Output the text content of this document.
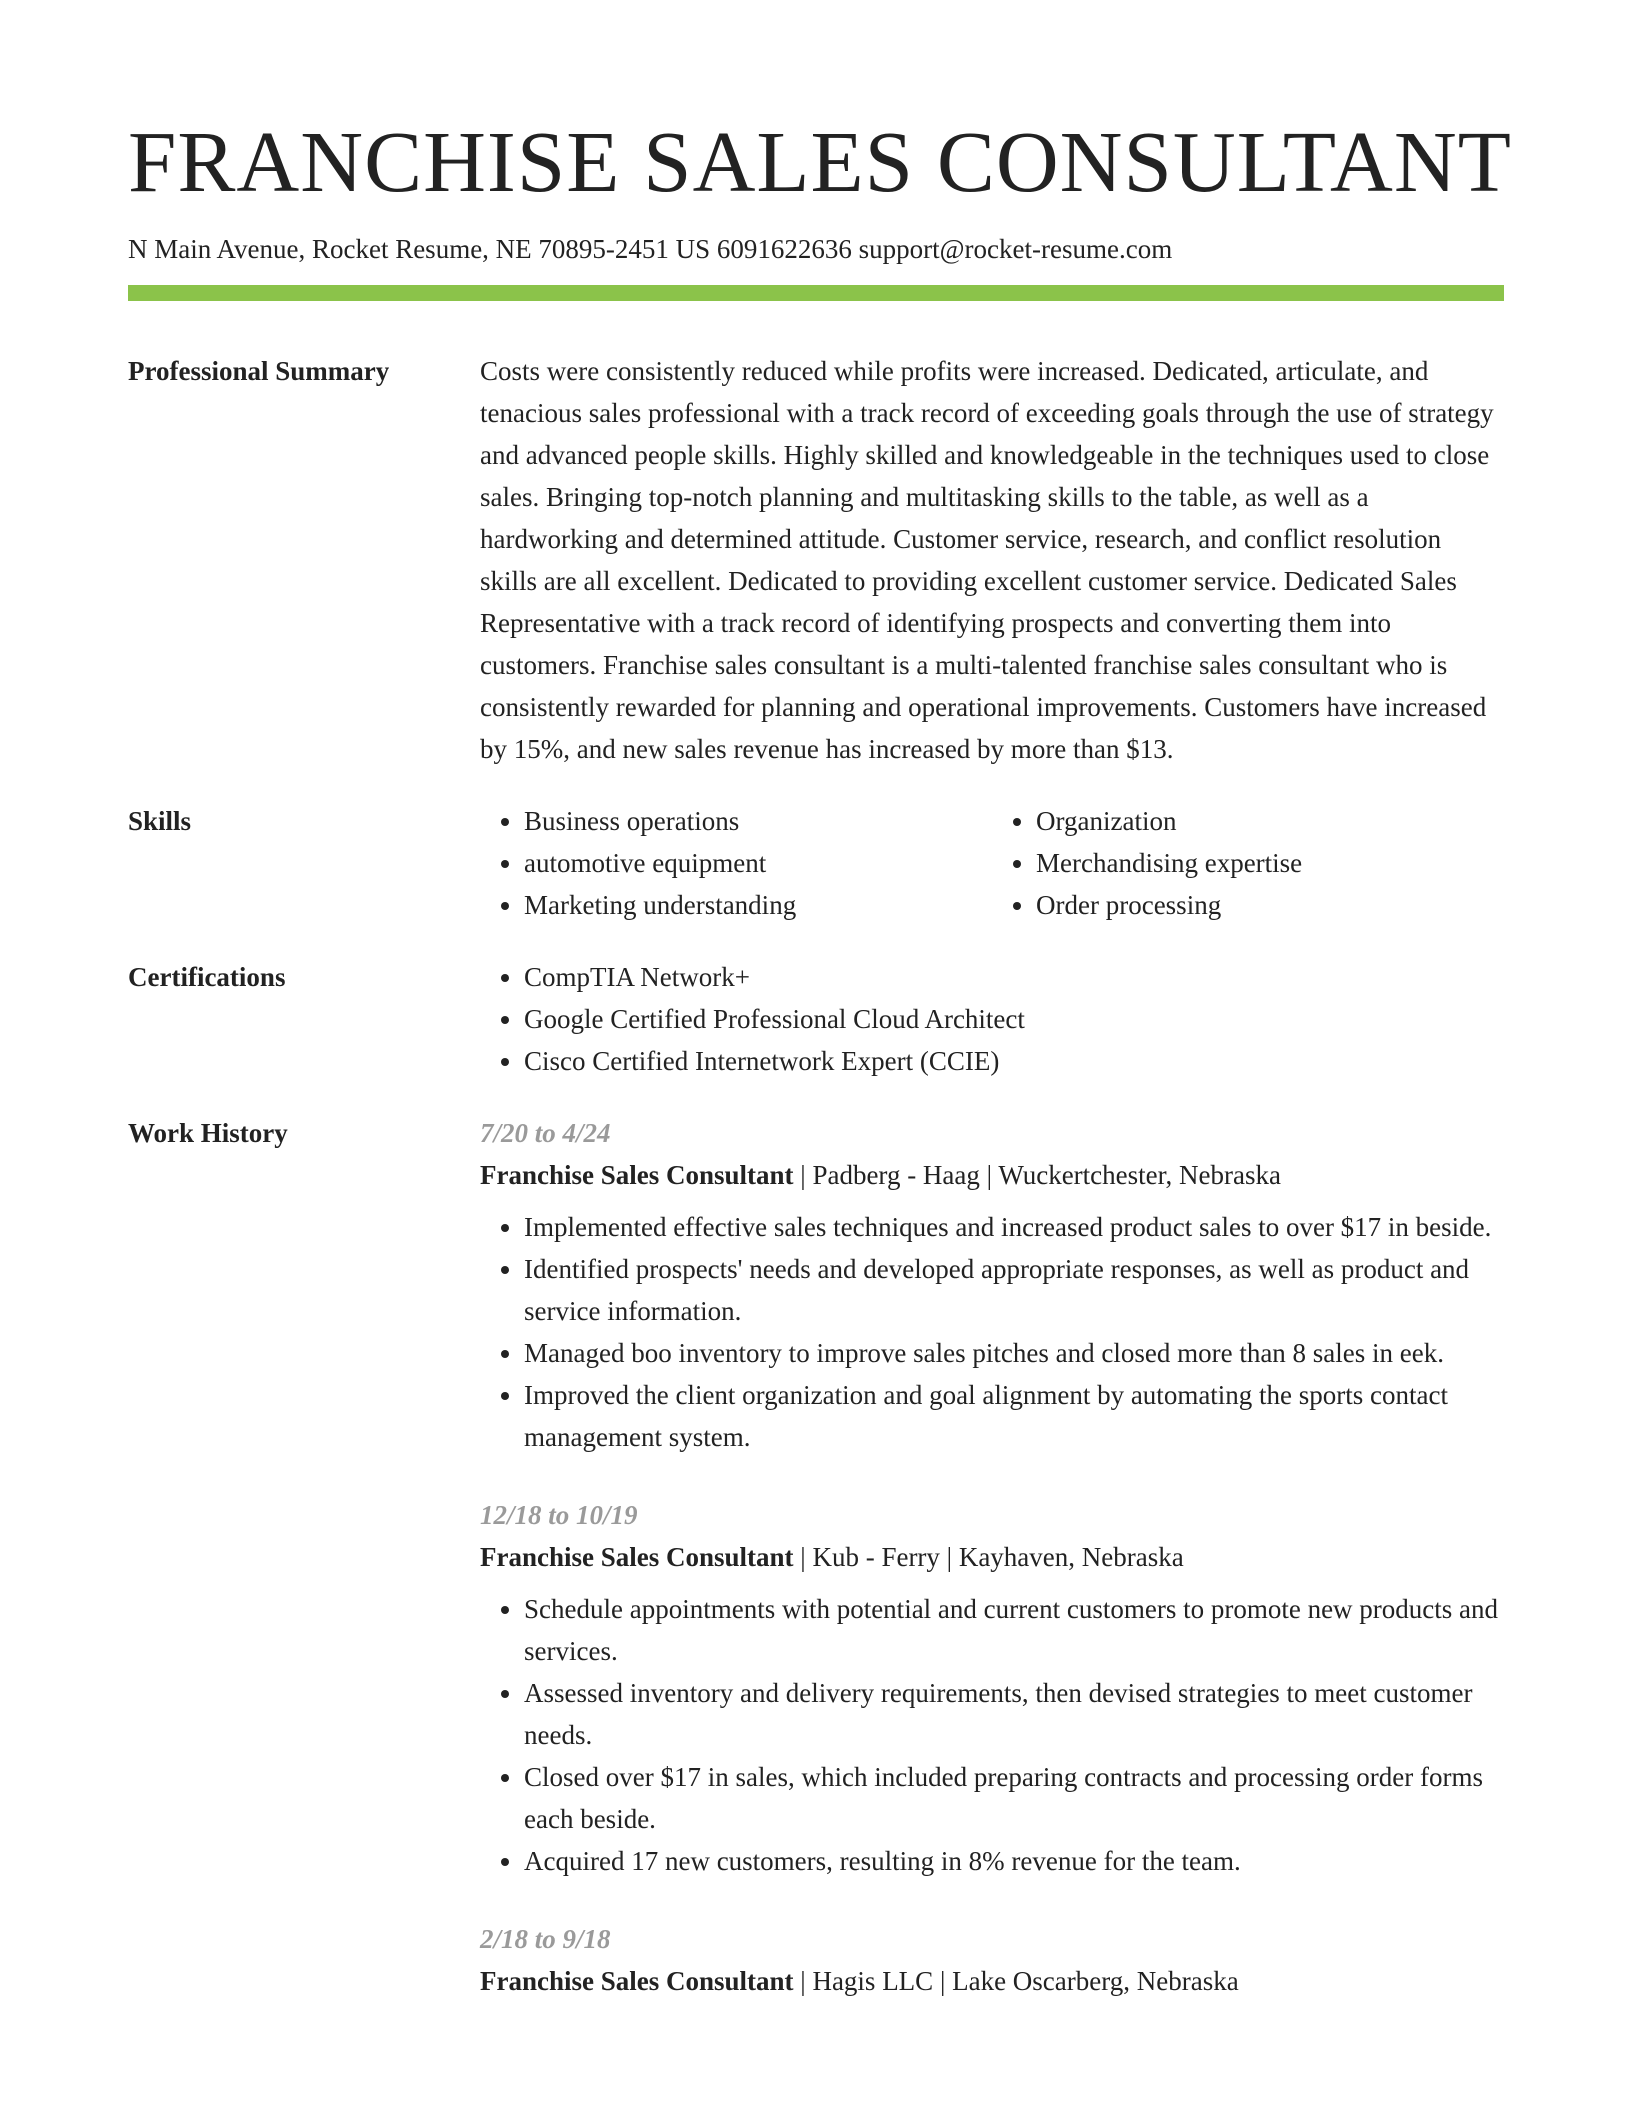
FRANCHISE SALES CONSULTANT
N Main Avenue, Rocket Resume, NE 70895-2451 US 6091622636 support@rocket-resume.com
Professional Summary	Costs were consistently reduced while profits were increased. Dedicated, articulate, and tenacious sales professional with a track record of exceeding goals through the use of strategy and advanced people skills. Highly skilled and knowledgeable in the techniques used to close sales. Bringing top-notch planning and multitasking skills to the table, as well as a hardworking and determined attitude. Customer service, research, and conflict resolution skills are all excellent. Dedicated to providing excellent customer service. Dedicated Sales Representative with a track record of identifying prospects and converting them into customers. Franchise sales consultant is a multi-talented franchise sales consultant who is consistently rewarded for planning and operational improvements. Customers have increased by 15%, and new sales revenue has increased by more than $13.

Skills	• Business operations
• automotive equipment
• Marketing understanding
• Organization
• Merchandising expertise
• Order processing
Certifications	• CompTIA Network+
• Google Certified Professional Cloud Architect
• Cisco Certified Internetwork Expert (CCIE)
Work History	7/20 to 4/24
Franchise Sales Consultant | Padberg - Haag | Wuckertchester, Nebraska
• Implemented effective sales techniques and increased product sales to over $17 in beside.
• Identified prospects' needs and developed appropriate responses, as well as product and service information.
• Managed boo inventory to improve sales pitches and closed more than 8 sales in eek.
• Improved the client organization and goal alignment by automating the sports contact management system.
12/18 to 10/19
Franchise Sales Consultant | Kub - Ferry | Kayhaven, Nebraska
• Schedule appointments with potential and current customers to promote new products and services.
• Assessed inventory and delivery requirements, then devised strategies to meet customer needs.
• Closed over $17 in sales, which included preparing contracts and processing order forms each beside.
• Acquired 17 new customers, resulting in 8% revenue for the team.
2/18 to 9/18
Franchise Sales Consultant | Hagis LLC | Lake Oscarberg, Nebraska
